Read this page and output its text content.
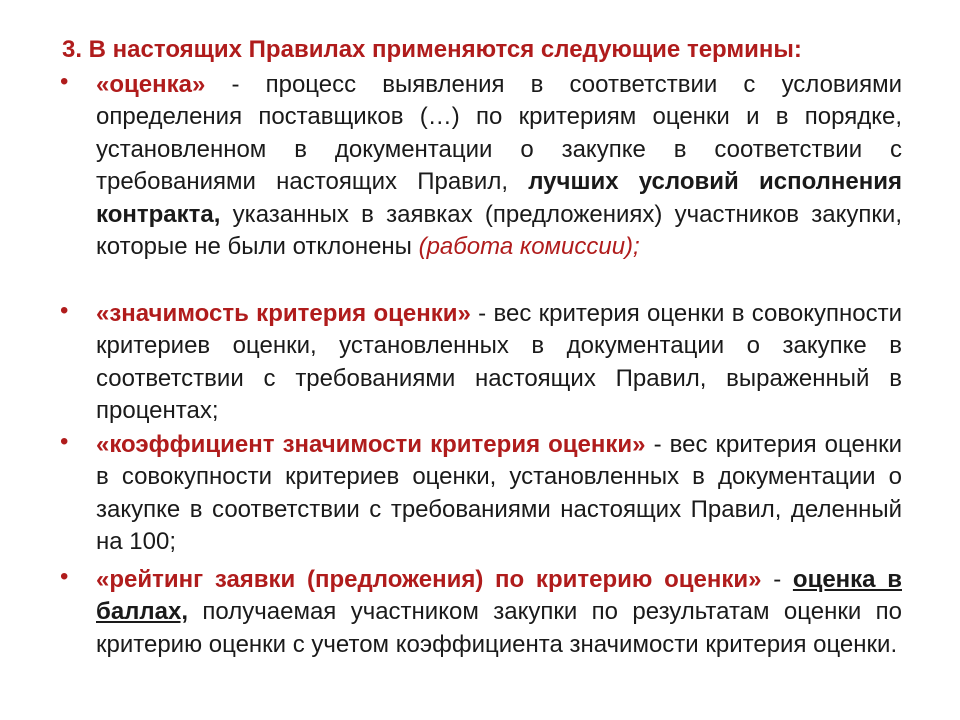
3. В настоящих Правилах применяются следующие термины:
• «оценка» - процесс выявления в соответствии с условиями определения поставщиков (…) по критериям оценки и в порядке, установленном в документации о закупке в соответствии с требованиями настоящих Правил, лучших условий исполнения контракта, указанных в заявках (предложениях) участников закупки, которые не были отклонены (работа комиссии);
• «значимость критерия оценки» - вес критерия оценки в совокупности критериев оценки, установленных в документации о закупке в соответствии с требованиями настоящих Правил, выраженный в процентах;
• «коэффициент значимости критерия оценки» - вес критерия оценки в совокупности критериев оценки, установленных в документации о закупке в соответствии с требованиями настоящих Правил, деленный на 100;
• «рейтинг заявки (предложения) по критерию оценки» - оценка в баллах, получаемая участником закупки по результатам оценки по критерию оценки с учетом коэффициента значимости критерия оценки.
